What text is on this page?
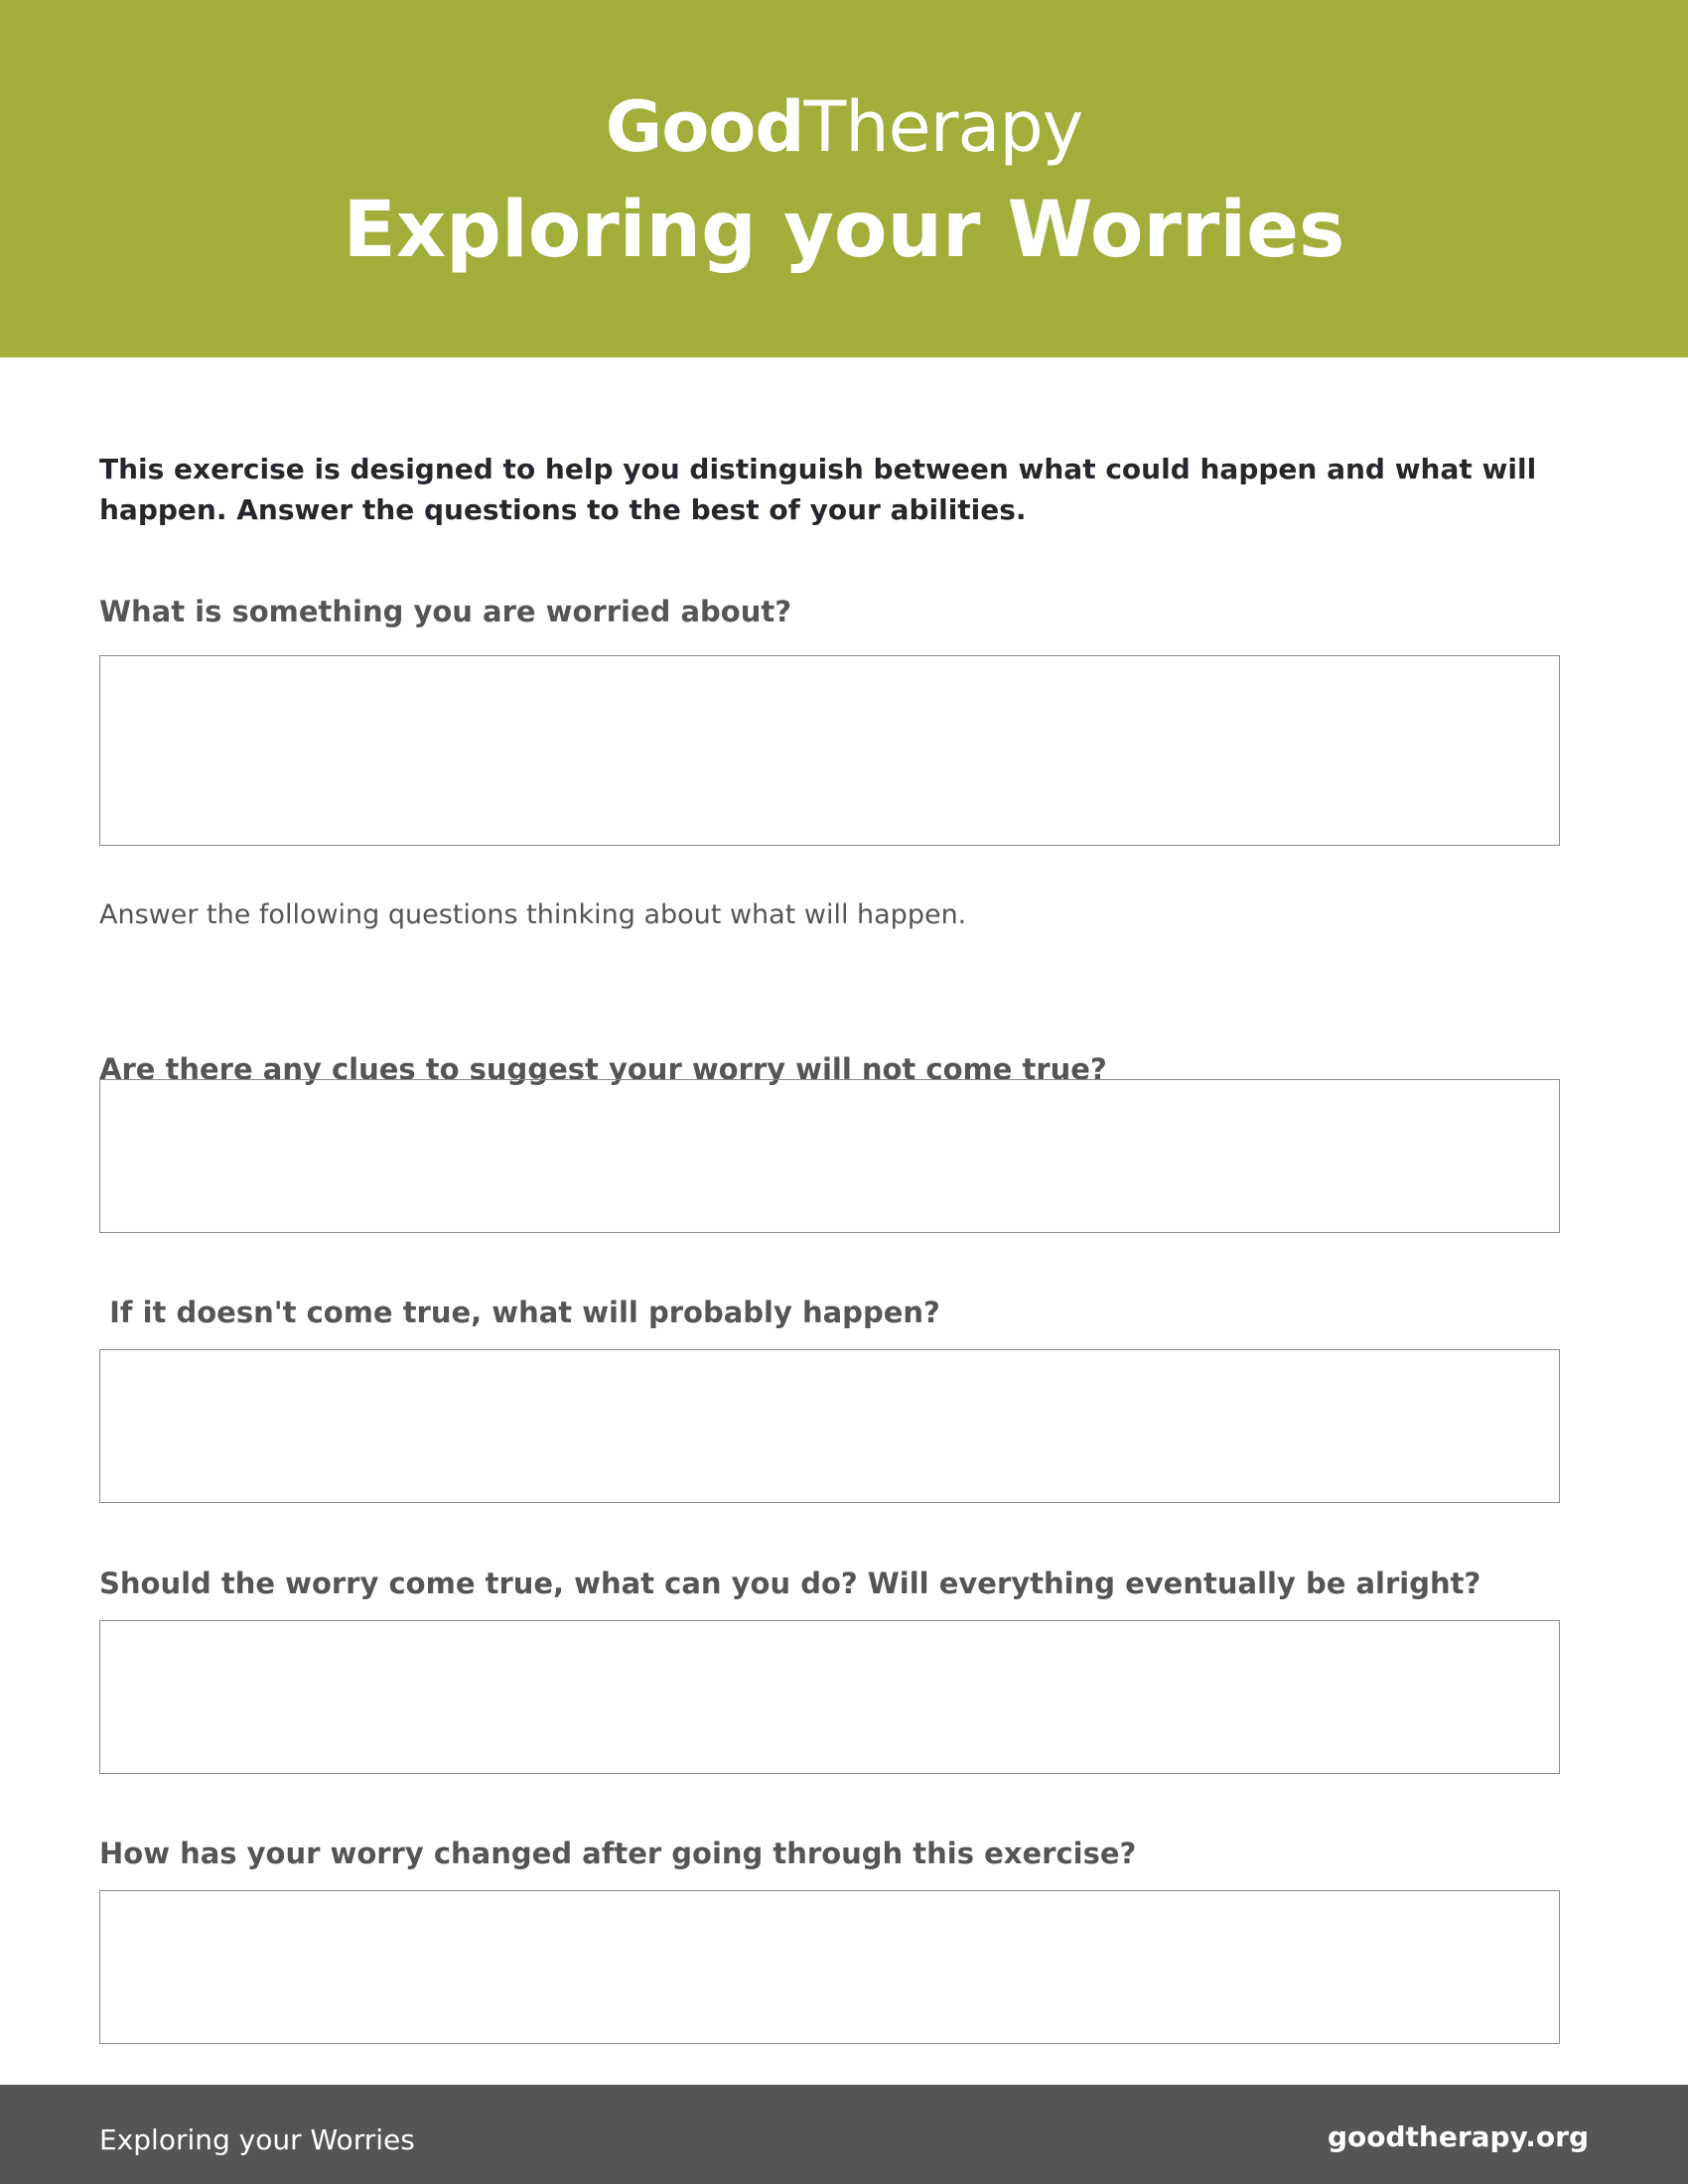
GoodTherapy
Exploring your Worries

This exercise is designed to help you distinguish between what could happen and what will happen. Answer the questions to the best of your abilities.

What is something you are worried about?

Answer the following questions thinking about what will happen.

Are there any clues to suggest your worry will not come true?

If it doesn't come true, what will probably happen?

Should the worry come true, what can you do? Will everything eventually be alright?

How has your worry changed after going through this exercise?

Exploring your Worries	goodtherapy.org
